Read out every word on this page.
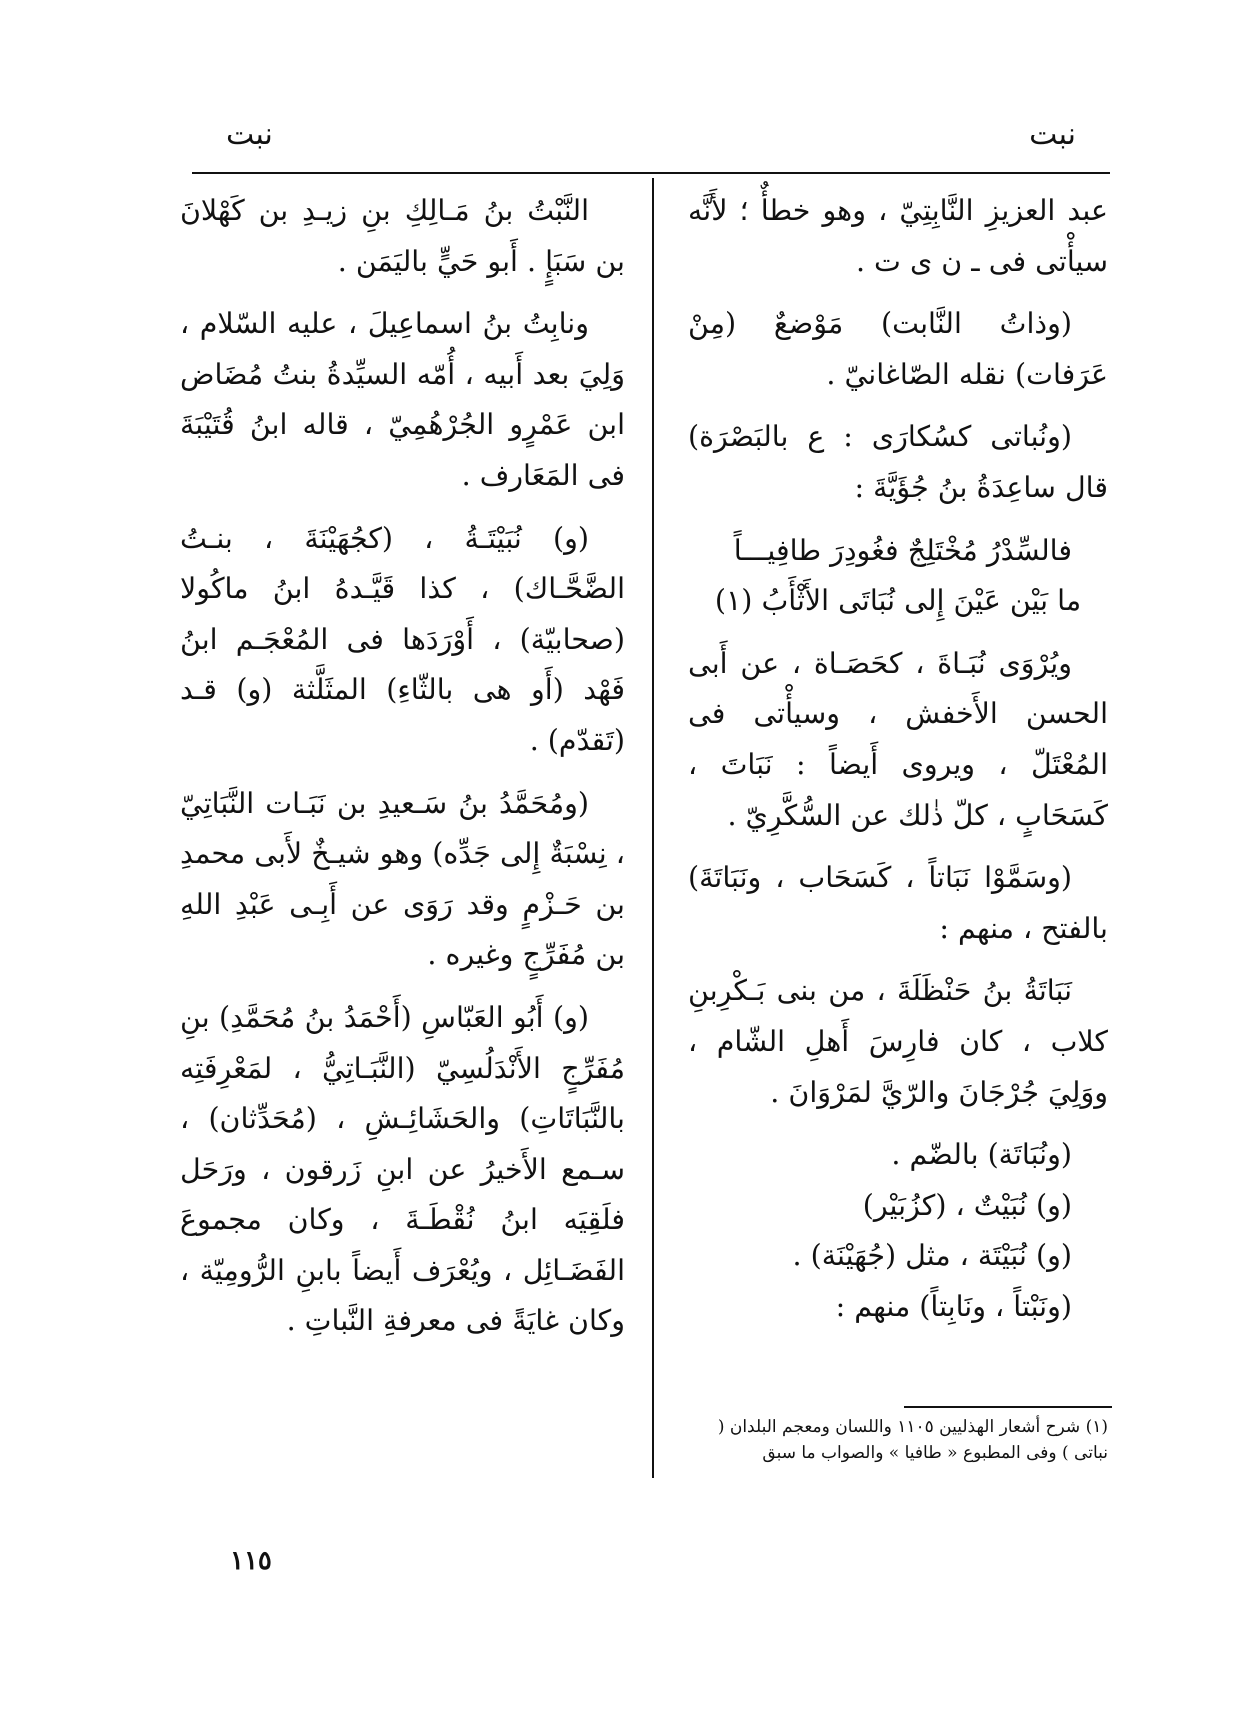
نبت
نبت

عبد العزيزِ النَّابِتِيّ ، وهو خطأٌ ؛ لأَنَّه سيأْتى فى ـ ن ى ت .

(وذاتُ النَّابت) مَوْضعٌ (مِنْ عَرَفات) نقله الصّاغانيّ .

(ونُباتى كسُكارَى : ع بالبَصْرَة) قال ساعِدَةُ بنُ جُؤَيَّةَ :

فالسِّدْرُ مُخْتَلِجٌ فغُودِرَ طافِيـــاً

ما بَيْن عَيْنَ إِلى نُبَاتَى الأَثْأَبُ (١)

ويُرْوَى نُبَـاةَ ، كحَصَـاة ، عن أَبى الحسن الأَخفش ، وسيأْتى فى المُعْتَلّ ، ويروى أَيضاً : نَبَاتَ ، كَسَحَابٍ ، كلّ ذٰلك عن السُّكَّرِيّ .

(وسَمَّوْا نَبَاتاً ، كَسَحَاب ، ونَبَاتَةَ) بالفتح ، منهم :

نَبَاتَةُ بنُ حَنْظَلَةَ ، من بنى بَـكْرِبنِ كلاب ، كان فارِسَ أَهلِ الشّام ، ووَلِيَ جُرْجَانَ والرّيَّ لمَرْوَانَ .

(ونُبَاتَة) بالضّم .

(و) نُبَيْتٌ ، (كزُبَيْر)

(و) نُبَيْتَة ، مثل (جُهَيْنَة) .

(ونَبْتاً ، ونَابِتاً) منهم :

النَّبْتُ بنُ مَـالِكِ بنِ زيـدِ بن كَهْلانَ بن سَبَإٍ . أَبو حَيٍّ باليَمَن .

ونابِتُ بنُ اسماعِيلَ ، عليه السّلام ، وَلِيَ بعد أَبيه ، أُمّه السيِّدةُ بنتُ مُضَاض ابن عَمْرٍو الجُرْهُمِيّ ، قاله ابنُ قُتَيْبَةَ فى المَعَارف .

(و) نُبَيْتَـةُ ، (كجُهَيْنَةَ ، بنـتُ الضَّحَّـاك) ، كذا قَيَّـدهُ ابنُ ماكُولا (صحابيّة) ، أَوْرَدَها فى المُعْجَـم ابنُ فَهْد (أَو هى بالثّاءِ) المثَلَّثة (و) قـد (تَقدّم) .

(ومُحَمَّدُ بنُ سَـعيدِ بن نَبَـات النَّبَاتِيّ ، نِسْبَةٌ إِلى جَدِّه) وهو شيـخٌ لأَبى محمدِ بن حَـزْمٍ وقد رَوَى عن أَبِـى عَبْدِ اللهِ بن مُفَرِّجٍ وغيره .

(و) أَبُو العَبّاسِ (أَحْمَدُ بنُ مُحَمَّدِ) بنِ مُفَرِّجٍ الأَنْدَلُسِيّ (النَّبَـاتِيُّ ، لمَعْرِفَتِه بالنَّبَاتَاتِ) والحَشَائِـشِ ، (مُحَدِّثان) ، سـمع الأَخيرُ عن ابنِ زَرقون ، ورَحَل فلَقِيَه ابنُ نُقْطَـةَ ، وكان مجموعَ الفَضَـائِل ، ويُعْرَف أَيضاً بابنِ الرُّومِيّة ، وكان غايَةً فى معرفةِ النَّباتِ .

(١) شرح أشعار الهذليين ١١٠٥ واللسان ومعجم البلدان ( نباتى ) وفى المطبوع « طافيا » والصواب ما سبق
١١٥
